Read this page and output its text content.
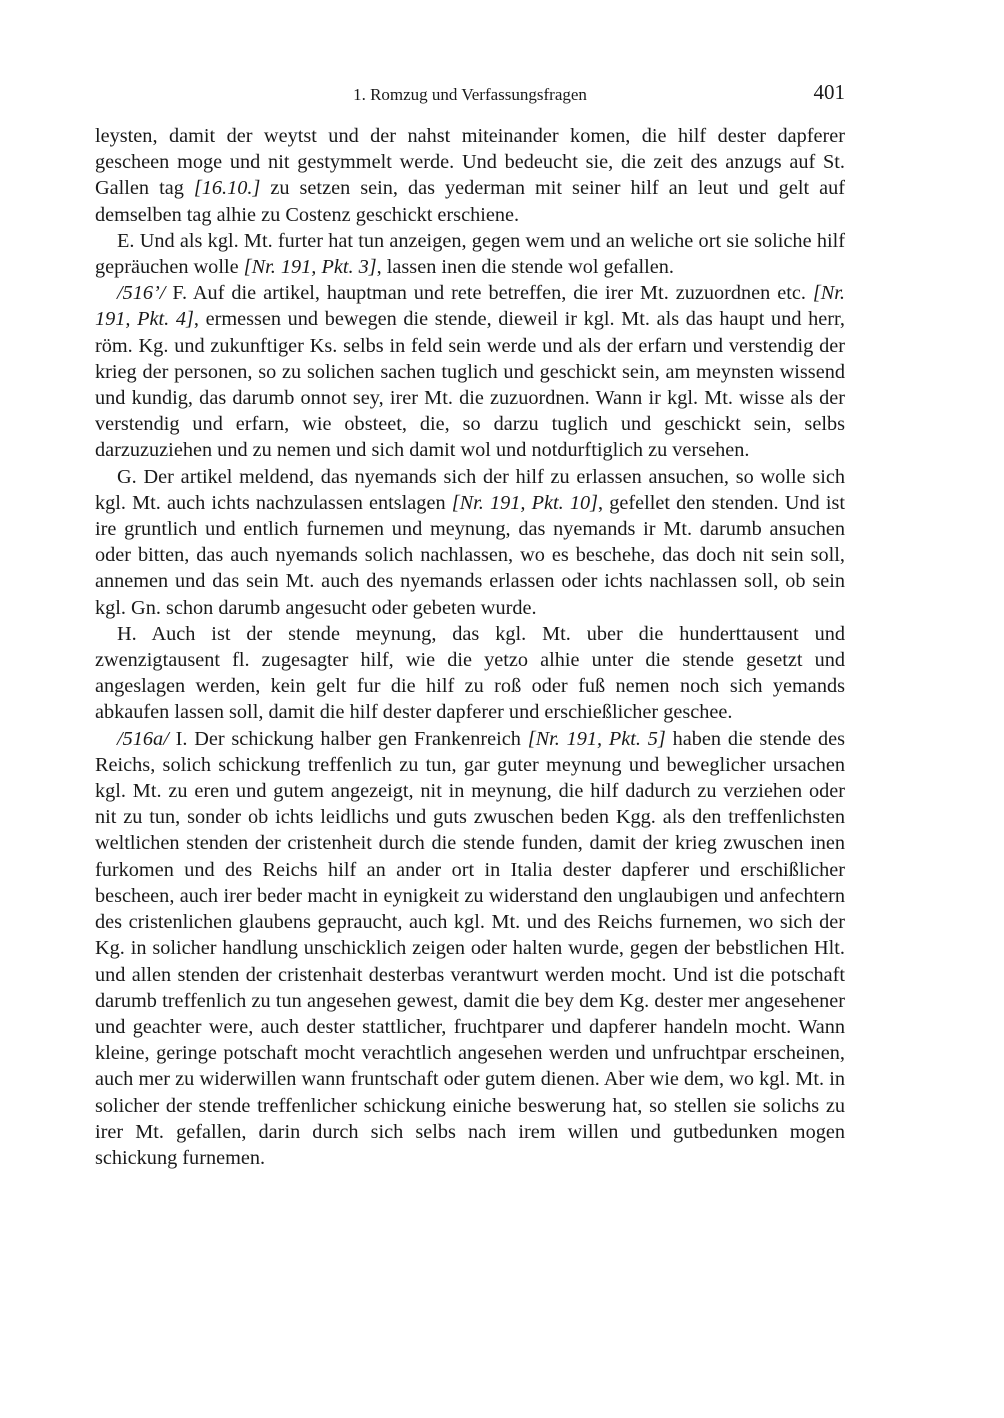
1. Romzug und Verfassungsfragen	401

leysten, damit der weytst und der nahst miteinander komen, die hilf dester dapferer gescheen moge und nit gestymmelt werde. Und bedeucht sie, die zeit des anzugs auf St. Gallen tag [16.10.] zu setzen sein, das yederman mit seiner hilf an leut und gelt auf demselben tag alhie zu Costenz geschickt erschiene.

E. Und als kgl. Mt. furter hat tun anzeigen, gegen wem und an weliche ort sie soliche hilf gepräuchen wolle [Nr. 191, Pkt. 3], lassen inen die stende wol gefallen.

/516’/ F. Auf die artikel, hauptman und rete betreffen, die irer Mt. zuzuordnen etc. [Nr. 191, Pkt. 4], ermessen und bewegen die stende, dieweil ir kgl. Mt. als das haupt und herr, röm. Kg. und zukunftiger Ks. selbs in feld sein werde und als der erfarn und verstendig der krieg der personen, so zu solichen sachen tuglich und geschickt sein, am meynsten wissend und kundig, das darumb onnot sey, irer Mt. die zuzuordnen. Wann ir kgl. Mt. wisse als der verstendig und erfarn, wie obsteet, die, so darzu tuglich und geschickt sein, selbs darzuzuziehen und zu nemen und sich damit wol und notdurftiglich zu versehen.

G. Der artikel meldend, das nyemands sich der hilf zu erlassen ansuchen, so wolle sich kgl. Mt. auch ichts nachzulassen entslagen [Nr. 191, Pkt. 10], gefellet den stenden. Und ist ire gruntlich und entlich furnemen und meynung, das nyemands ir Mt. darumb ansuchen oder bitten, das auch nyemands solich nachlassen, wo es beschehe, das doch nit sein soll, annemen und das sein Mt. auch des nyemands erlassen oder ichts nachlassen soll, ob sein kgl. Gn. schon darumb angesucht oder gebeten wurde.

H. Auch ist der stende meynung, das kgl. Mt. uber die hunderttausent und zwenzigtausent fl. zugesagter hilf, wie die yetzo alhie unter die stende gesetzt und angeslagen werden, kein gelt fur die hilf zu roß oder fuß nemen noch sich yemands abkaufen lassen soll, damit die hilf dester dapferer und erschießlicher geschee.

/516a/ I. Der schickung halber gen Frankenreich [Nr. 191, Pkt. 5] haben die stende des Reichs, solich schickung treffenlich zu tun, gar guter meynung und beweglicher ursachen kgl. Mt. zu eren und gutem angezeigt, nit in meynung, die hilf dadurch zu verziehen oder nit zu tun, sonder ob ichts leidlichs und guts zwuschen beden Kgg. als den treffenlichsten weltlichen stenden der cristenheit durch die stende funden, damit der krieg zwuschen inen furkomen und des Reichs hilf an ander ort in Italia dester dapferer und erschißlicher bescheen, auch irer beder macht in eynigkeit zu widerstand den unglaubigen und anfechtern des cristenlichen glaubens gepraucht, auch kgl. Mt. und des Reichs furnemen, wo sich der Kg. in solicher handlung unschicklich zeigen oder halten wurde, gegen der bebstlichen Hlt. und allen stenden der cristenhait desterbas verantwurt werden mocht. Und ist die potschaft darumb treffenlich zu tun angesehen gewest, damit die bey dem Kg. dester mer angesehener und geachter were, auch dester stattlicher, fruchtparer und dapferer handeln mocht. Wann kleine, geringe potschaft mocht verachtlich angesehen werden und unfruchtpar erscheinen, auch mer zu widerwillen wann fruntschaft oder gutem dienen. Aber wie dem, wo kgl. Mt. in solicher der stende treffenlicher schickung einiche beswerung hat, so stellen sie solichs zu irer Mt. gefallen, darin durch sich selbs nach irem willen und gutbedunken mogen schickung furnemen.
